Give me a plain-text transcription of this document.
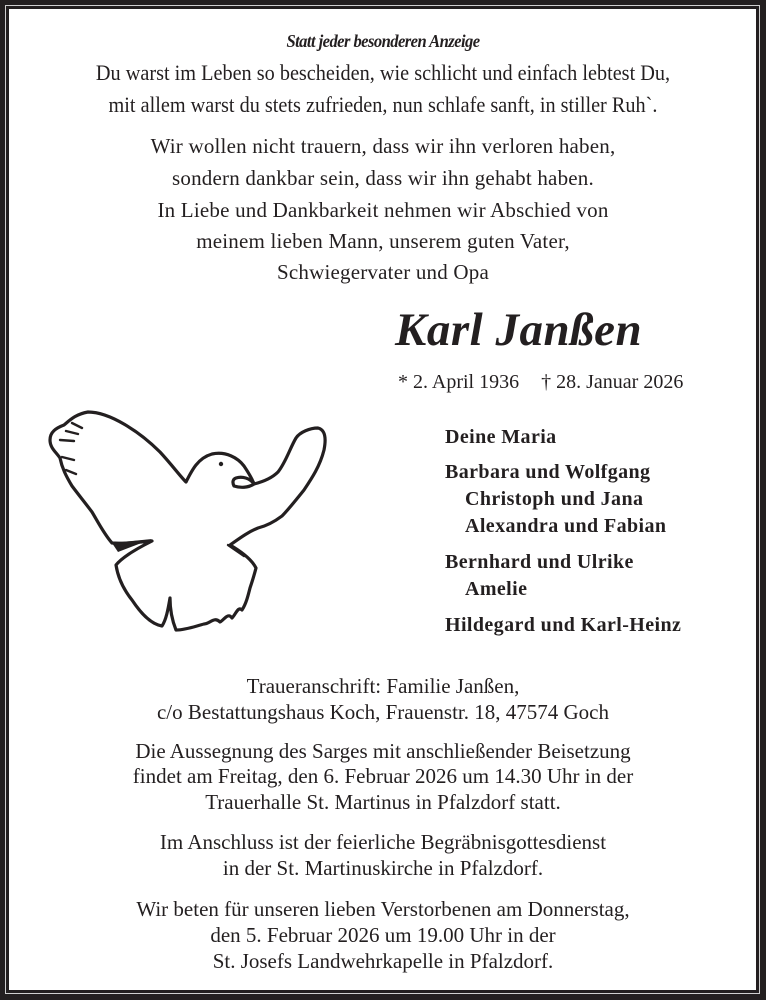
Statt jeder besonderen Anzeige
Du warst im Leben so bescheiden, wie schlicht und einfach lebtest Du,
mit allem warst du stets zufrieden, nun schlafe sanft, in stiller Ruh`.
Wir wollen nicht trauern, dass wir ihn verloren haben,
sondern dankbar sein, dass wir ihn gehabt haben.
In Liebe und Dankbarkeit nehmen wir Abschied von
meinem lieben Mann, unserem guten Vater,
Schwiegervater und Opa
Karl Janßen
* 2. April 1936 † 28. Januar 2026
Deine Maria
Barbara und Wolfgang
Christoph und Jana
Alexandra und Fabian
Bernhard und Ulrike
Amelie
Hildegard und Karl-Heinz
Traueranschrift: Familie Janßen,
c/o Bestattungshaus Koch, Frauenstr. 18, 47574 Goch
Die Aussegnung des Sarges mit anschließender Beisetzung
findet am Freitag, den 6. Februar 2026 um 14.30 Uhr in der
Trauerhalle St. Martinus in Pfalzdorf statt.
Im Anschluss ist der feierliche Begräbnisgottesdienst
in der St. Martinuskirche in Pfalzdorf.
Wir beten für unseren lieben Verstorbenen am Donnerstag,
den 5. Februar 2026 um 19.00 Uhr in der
St. Josefs Landwehrkapelle in Pfalzdorf.
